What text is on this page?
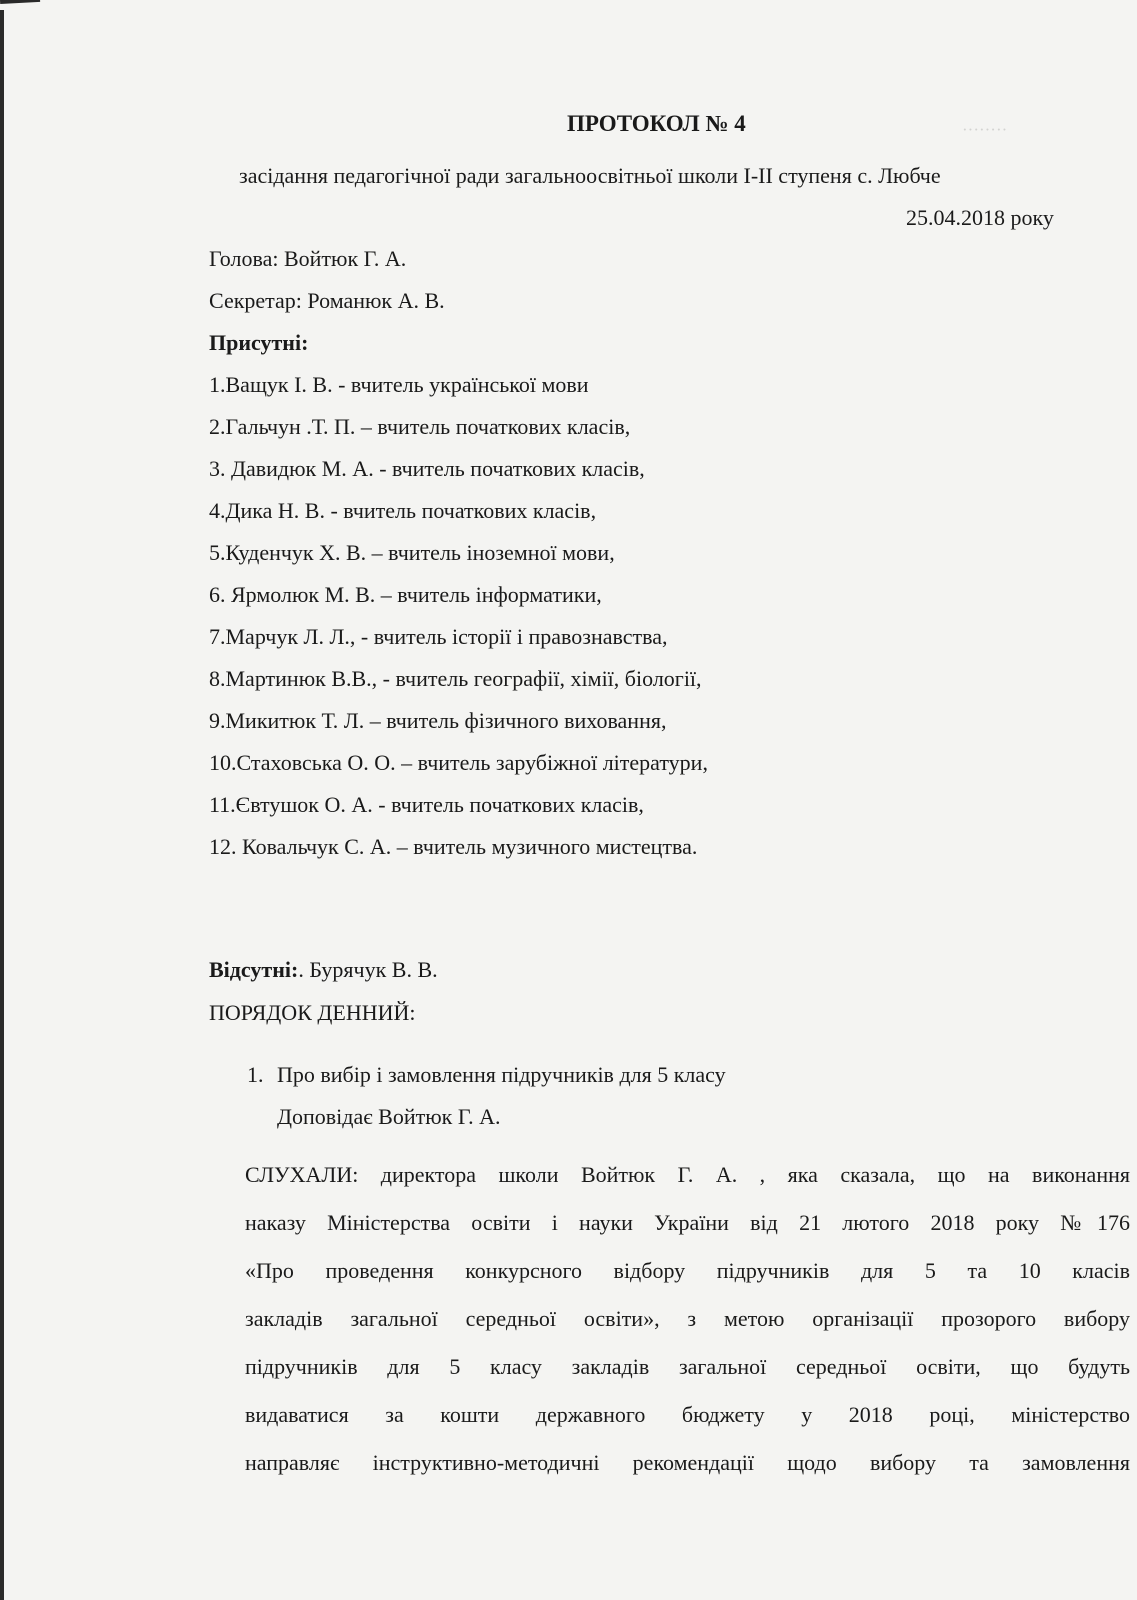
········
ПРОТОКОЛ № 4
засідання педагогічної ради загальноосвітньої школи І-ІІ ступеня с. Любче
25.04.2018 року
Голова: Войтюк Г. А.
Секретар: Романюк А. В.
Присутні:
1.Ващук І. В. - вчитель української мови
2.Гальчун .Т. П. – вчитель початкових класів,
3. Давидюк М. А. - вчитель початкових класів,
4.Дика Н. В. - вчитель початкових класів,
5.Куденчук Х. В. – вчитель іноземної мови,
6. Ярмолюк М. В. – вчитель інформатики,
7.Марчук Л. Л., - вчитель історії і правознавства,
8.Мартинюк В.В., - вчитель географії, хімії, біології,
9.Микитюк Т. Л. – вчитель фізичного виховання,
10.Стаховська О. О. – вчитель зарубіжної літератури,
11.Євтушок О. А. - вчитель початкових класів,
12. Ковальчук С. А. – вчитель музичного мистецтва.
Відсутні:. Бурячук В. В.
ПОРЯДОК ДЕННИЙ:
1. Про вибір і замовлення підручників для 5 класу
Доповідає Войтюк Г. А.
СЛУХАЛИ: директора школи Войтюк Г. А. , яка сказала, що на виконання
наказу Міністерства освіти і науки України від 21 лютого 2018 року №176
«Про проведення конкурсного відбору підручників для 5 та 10 класів
закладів загальної середньої освіти», з метою організації прозорого вибору
підручників для 5 класу закладів загальної середньої освіти, що будуть
видаватися за кошти державного бюджету у 2018 році, міністерство
направляє інструктивно-методичні рекомендації щодо вибору та замовлення
